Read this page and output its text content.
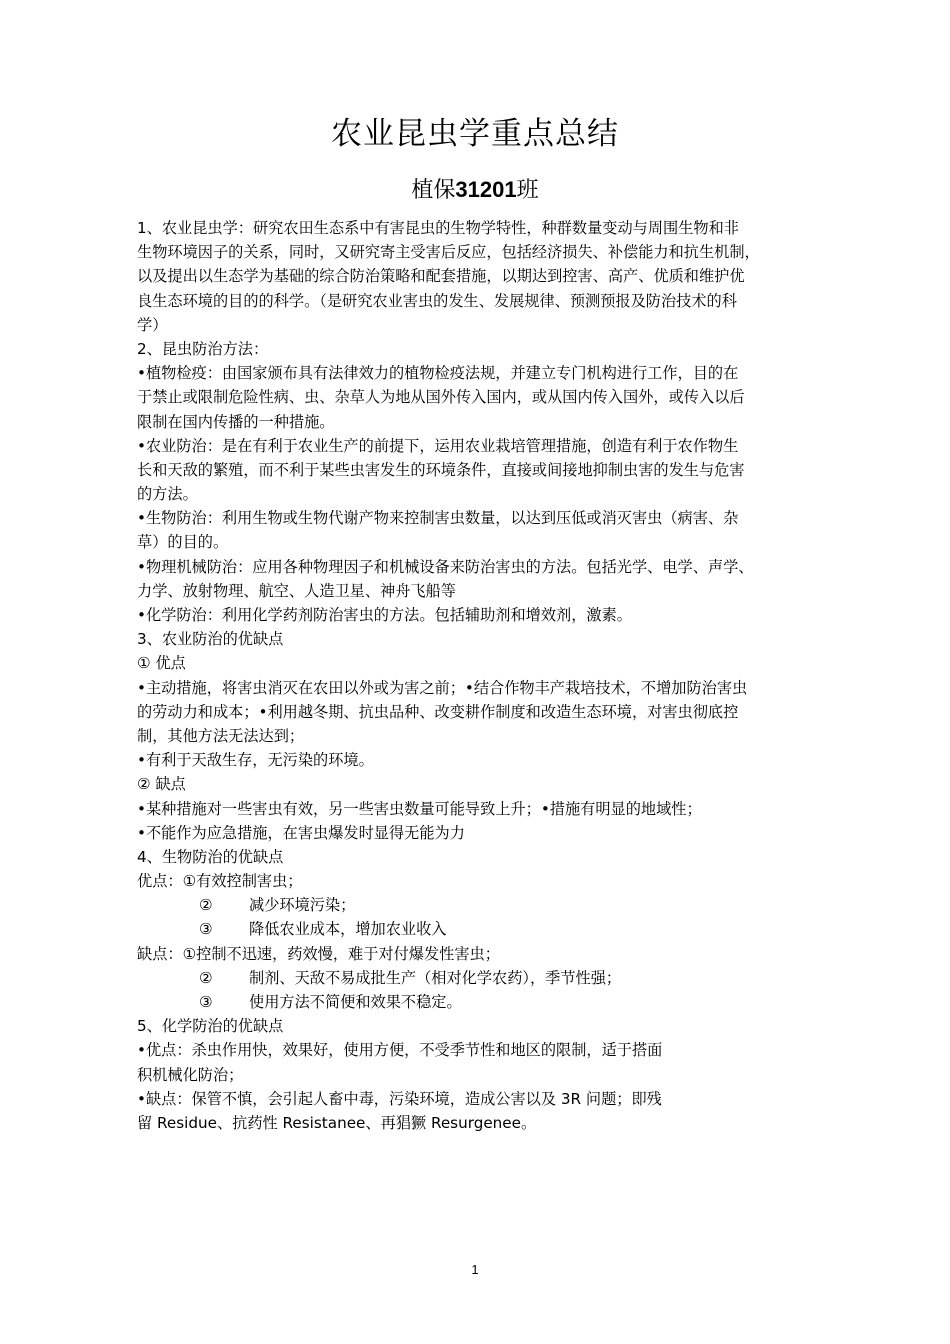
农业昆虫学重点总结
植保31201班
1、农业昆虫学：研究农田生态系中有害昆虫的生物学特性，种群数量变动与周围生物和非
生物环境因子的关系，同时，又研究寄主受害后反应，包括经济损失、补偿能力和抗生机制，
以及提出以生态学为基础的综合防治策略和配套措施，以期达到控害、高产、优质和维护优
良生态环境的目的的科学。（是研究农业害虫的发生、发展规律、预测预报及防治技术的科
学）
2、昆虫防治方法：
•植物检疫：由国家颁布具有法律效力的植物检疫法规，并建立专门机构进行工作，目的在
于禁止或限制危险性病、虫、杂草人为地从国外传入国内，或从国内传入国外，或传入以后
限制在国内传播的一种措施。
•农业防治：是在有利于农业生产的前提下，运用农业栽培管理措施，创造有利于农作物生
长和天敌的繁殖，而不利于某些虫害发生的环境条件，直接或间接地抑制虫害的发生与危害
的方法。
•生物防治：利用生物或生物代谢产物来控制害虫数量，以达到压低或消灭害虫（病害、杂
草）的目的。
•物理机械防治：应用各种物理因子和机械设备来防治害虫的方法。包括光学、电学、声学、
力学、放射物理、航空、人造卫星、神舟飞船等
•化学防治：利用化学药剂防治害虫的方法。包括辅助剂和增效剂，激素。
3、农业防治的优缺点
① 优点
•主动措施，将害虫消灭在农田以外或为害之前；•结合作物丰产栽培技术，不增加防治害虫
的劳动力和成本；•利用越冬期、抗虫品种、改变耕作制度和改造生态环境，对害虫彻底控
制，其他方法无法达到；
•有利于天敌生存，无污染的环境。
② 缺点
•某种措施对一些害虫有效，另一些害虫数量可能导致上升；•措施有明显的地域性；
•不能作为应急措施，在害虫爆发时显得无能为力
4、生物防治的优缺点
优点：①有效控制害虫；
② 减少环境污染；
③ 降低农业成本，增加农业收入
缺点：①控制不迅速，药效慢，难于对付爆发性害虫；
② 制剂、天敌不易成批生产（相对化学农药），季节性强；
③ 使用方法不简便和效果不稳定。
5、化学防治的优缺点
•优点：杀虫作用快，效果好，使用方便，不受季节性和地区的限制，适于搭面
积机械化防治；
•缺点：保管不慎，会引起人畜中毒，污染环境，造成公害以及 3R 问题；即残
留 Residue、抗药性 Resistanee、再猖獗 Resurgenee。
1
